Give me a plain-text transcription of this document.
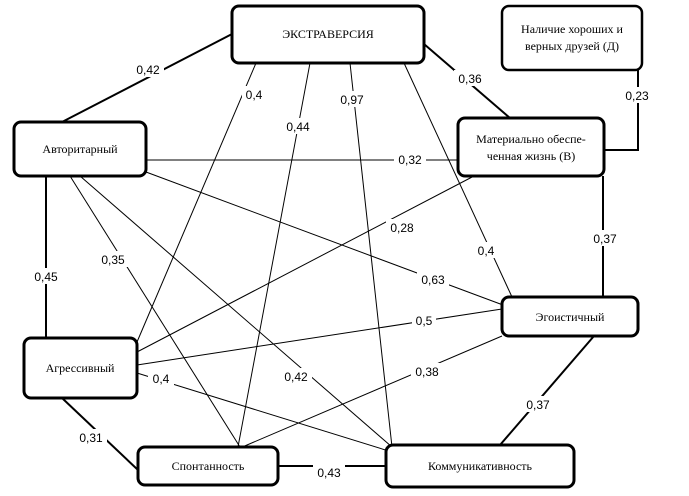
0,42
0,4
0,44
0,97
0,36
0,4
0,23
0,32
0,45
0,35
0,63
0,42
0,28
0,37
0,5
0,4
0,31
0,38
0,37
0,43
ЭКСТРАВЕРСИЯ	Наличие хороших и
верных друзей (Д)
Авторитарный
Материально обеспе-
ченная жизнь (В)
Эгоистичный
Агрессивный
Спонтанность	Коммуникативность
